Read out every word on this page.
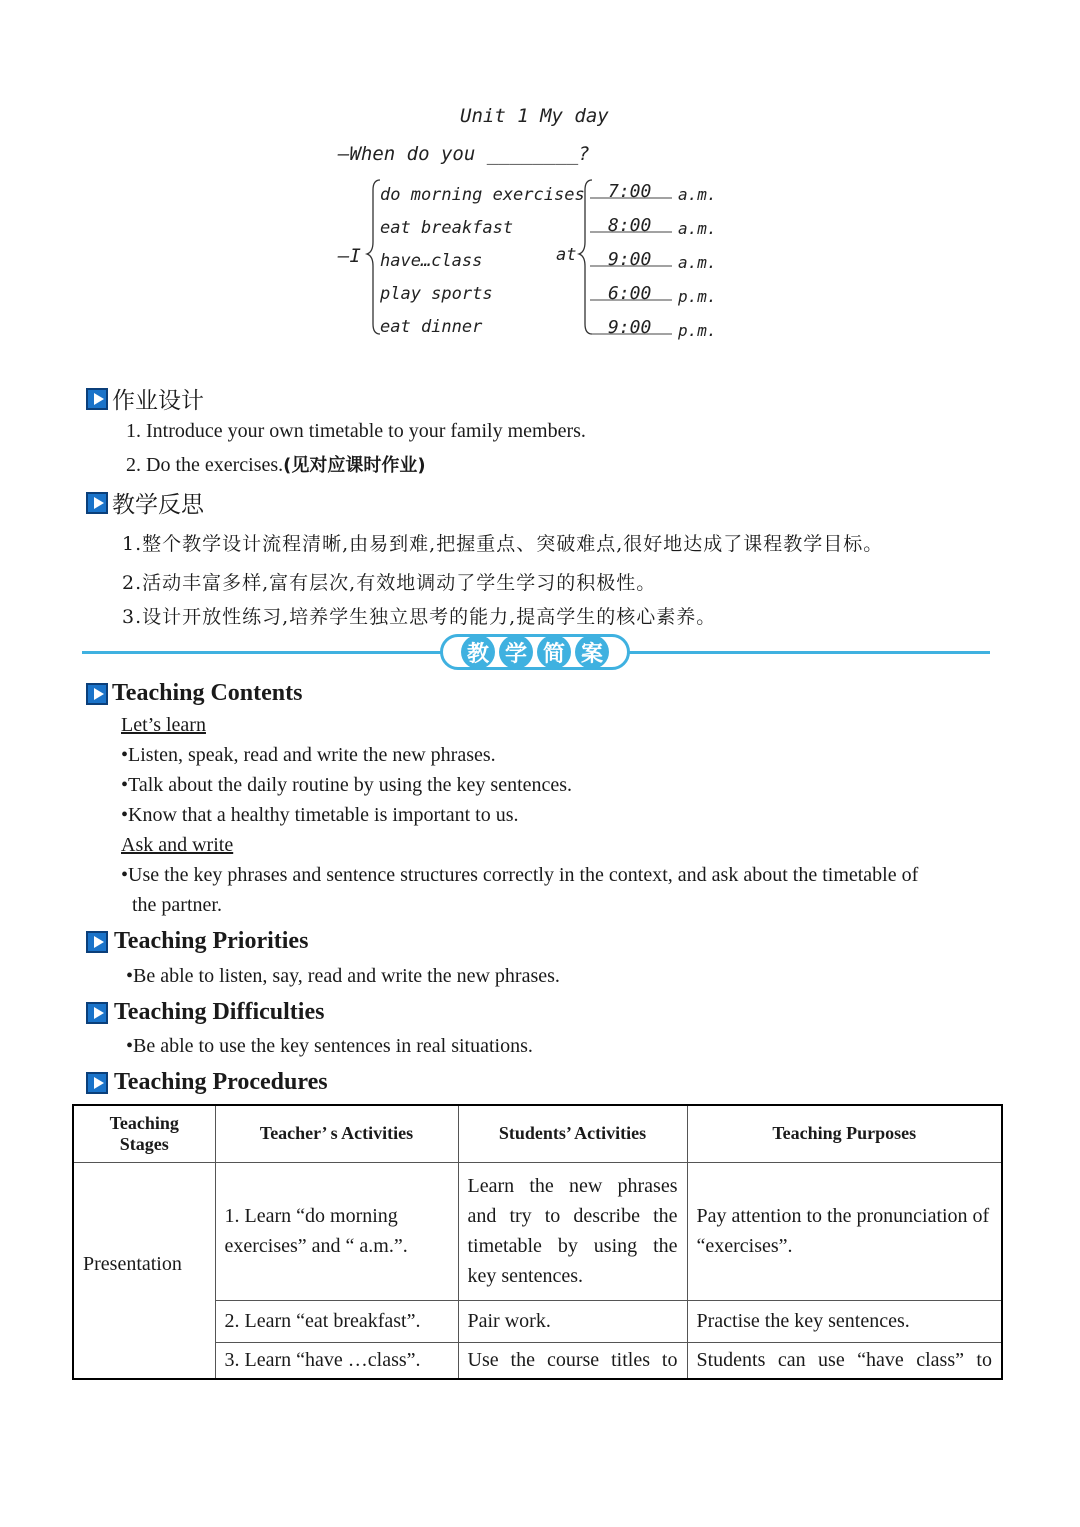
Unit 1 My day
—When do you ________?
—I
do morning exercises
eat breakfast
have…class
play sports
eat dinner
at
7:00
8:00
9:00
6:00
9:00
a.m.
a.m.
a.m.
p.m.
p.m.
作业设计
1. Introduce your own timetable to your family members.
2. Do the exercises.(见对应课时作业)
教学反思
1.整个教学设计流程清晰,由易到难,把握重点、突破难点,很好地达成了课程教学目标。
2.活动丰富多样,富有层次,有效地调动了学生学习的积极性。
3.设计开放性练习,培养学生独立思考的能力,提高学生的核心素养。
教 学 简 案
Teaching Contents
Let’s learn
•Listen, speak, read and write the new phrases.
•Talk about the daily routine by using the key sentences.
•Know that a healthy timetable is important to us.
Ask and write
•Use the key phrases and sentence structures correctly in the context, and ask about the timetable of
the partner.
Teaching Priorities
•Be able to listen, say, read and write the new phrases.
Teaching Difficulties
•Be able to use the key sentences in real situations.
Teaching Procedures
Teaching Stages	Teacher’ s Activities	Students’ Activities	Teaching Purposes
Presentation	1. Learn “do morning exercises” and “ a.m.”.	Learn the new phrases and try to describe the timetable by using the key sentences.	Pay attention to the pronunciation of “exercises”.
	2. Learn “eat breakfast”.	Pair work.	Practise the key sentences.
	3. Learn “have …class”.	Use the course titles to	Students can use “have class” to
